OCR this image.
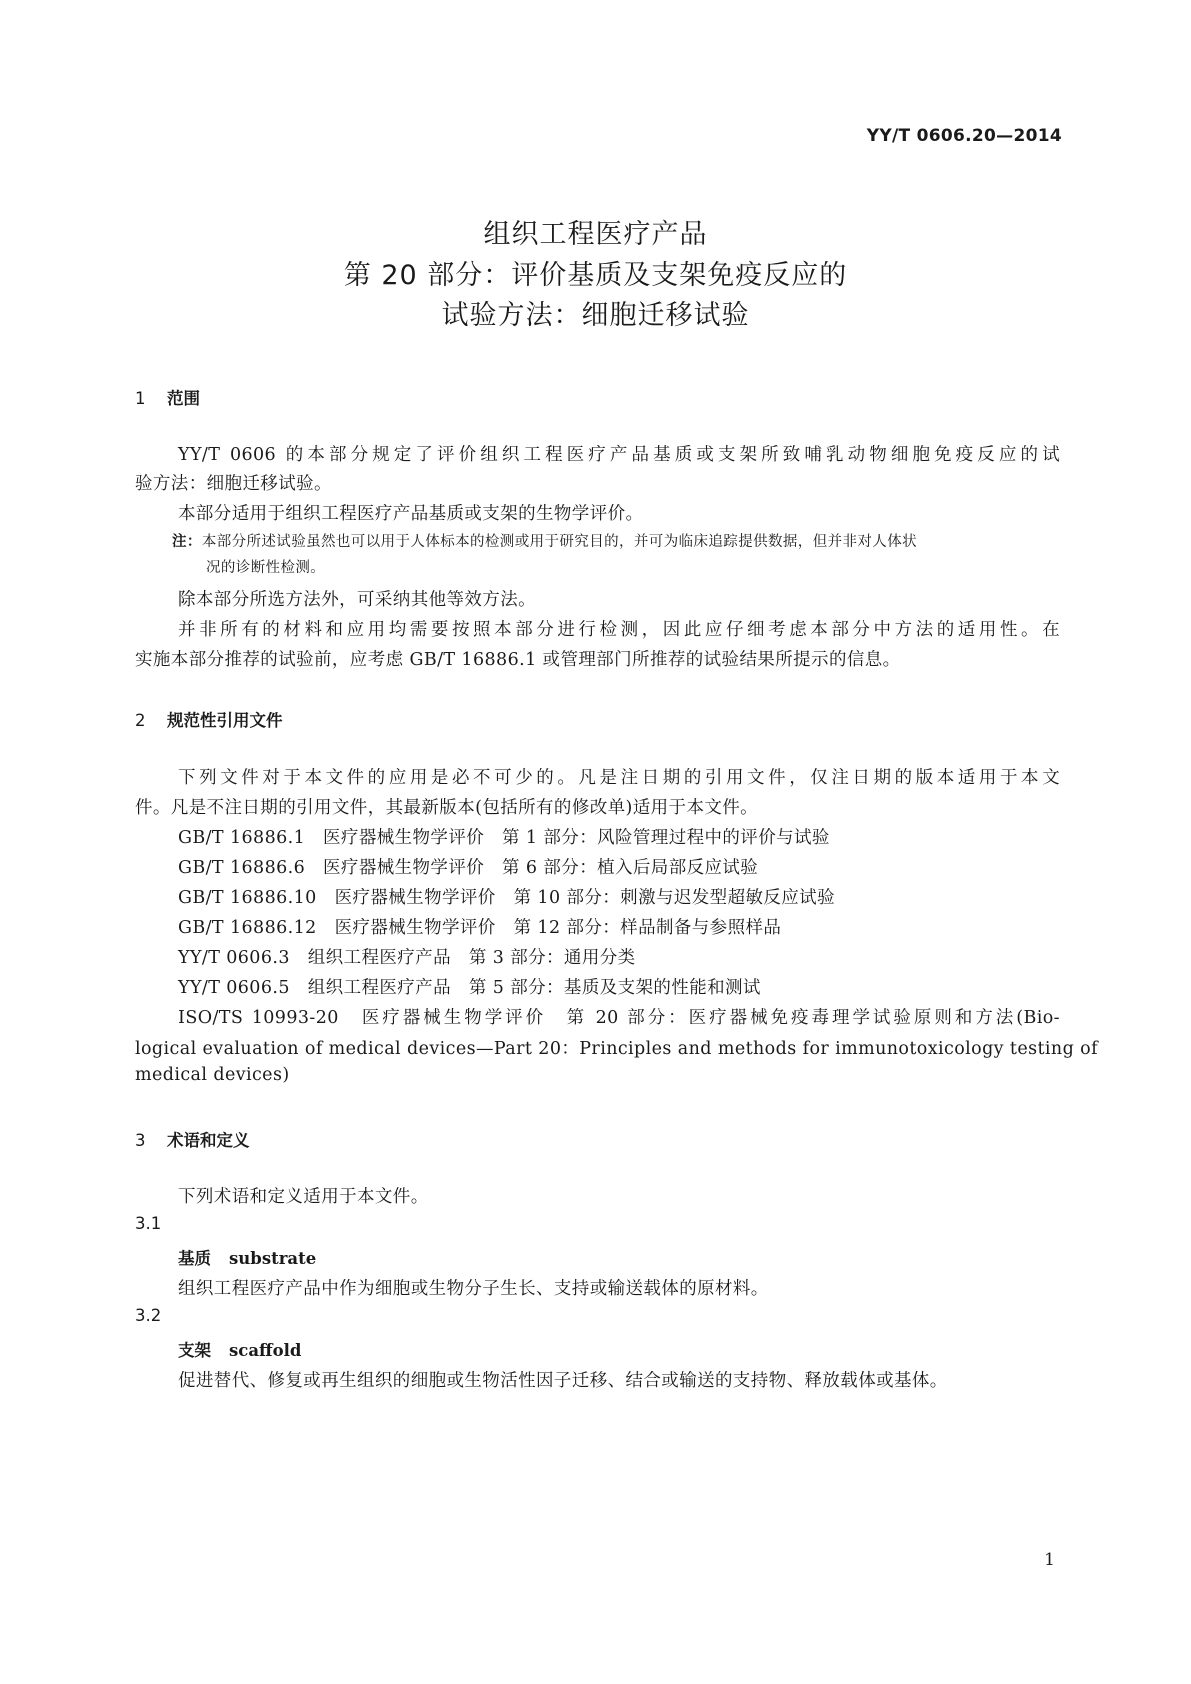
YY/T 0606.20—2014
组织工程医疗产品
第 20 部分：评价基质及支架免疫反应的
试验方法：细胞迁移试验
1 范围
YY/T 0606 的本部分规定了评价组织工程医疗产品基质或支架所致哺乳动物细胞免疫反应的试
验方法：细胞迁移试验。
本部分适用于组织工程医疗产品基质或支架的生物学评价。
注：本部分所述试验虽然也可以用于人体标本的检测或用于研究目的，并可为临床追踪提供数据，但并非对人体状
况的诊断性检测。
除本部分所选方法外，可采纳其他等效方法。
并非所有的材料和应用均需要按照本部分进行检测，因此应仔细考虑本部分中方法的适用性。在
实施本部分推荐的试验前，应考虑 GB/T 16886.1 或管理部门所推荐的试验结果所提示的信息。
2 规范性引用文件
下列文件对于本文件的应用是必不可少的。凡是注日期的引用文件，仅注日期的版本适用于本文
件。凡是不注日期的引用文件，其最新版本(包括所有的修改单)适用于本文件。
GB/T 16886.1　医疗器械生物学评价　第 1 部分：风险管理过程中的评价与试验
GB/T 16886.6　医疗器械生物学评价　第 6 部分：植入后局部反应试验
GB/T 16886.10　医疗器械生物学评价　第 10 部分：刺激与迟发型超敏反应试验
GB/T 16886.12　医疗器械生物学评价　第 12 部分：样品制备与参照样品
YY/T 0606.3　组织工程医疗产品　第 3 部分：通用分类
YY/T 0606.5　组织工程医疗产品　第 5 部分：基质及支架的性能和测试
ISO/TS 10993-20　医疗器械生物学评价　第 20 部分：医疗器械免疫毒理学试验原则和方法(Bio-
logical evaluation of medical devices—Part 20：Principles and methods for immunotoxicology testing of
medical devices)
3 术语和定义
下列术语和定义适用于本文件。
3.1
基质 substrate
组织工程医疗产品中作为细胞或生物分子生长、支持或输送载体的原材料。
3.2
支架 scaffold
促进替代、修复或再生组织的细胞或生物活性因子迁移、结合或输送的支持物、释放载体或基体。
1
